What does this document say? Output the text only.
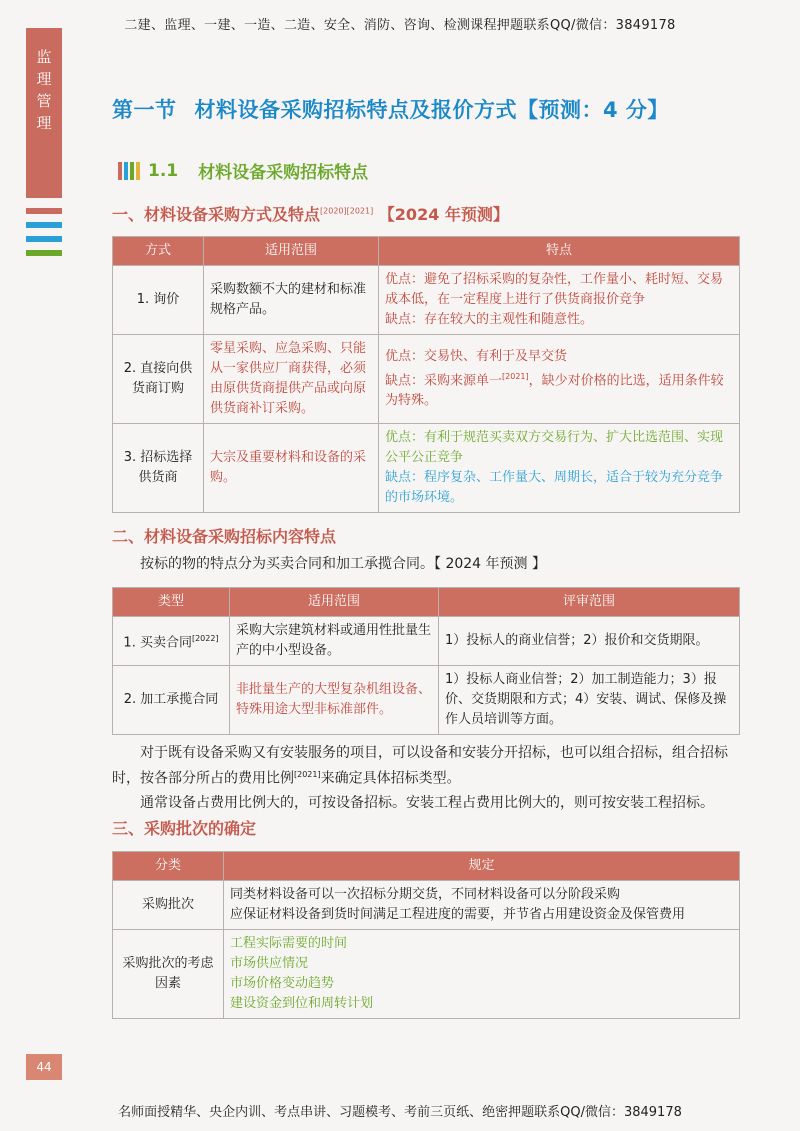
二建、监理、一建、一造、二造、安全、消防、咨询、检测课程押题联系QQ/微信：3849178
监
理
管
理
第一节 材料设备采购招标特点及报价方式【预测：4 分】
1.1 材料设备采购招标特点
一、材料设备采购方式及特点[2020][2021] 【2024 年预测】
方式	适用范围	特点
1. 询价	采购数额不大的建材和标准规格产品。	优点：避免了招标采购的复杂性，工作量小、耗时短、交易成本低，在一定程度上进行了供货商报价竞争
缺点：存在较大的主观性和随意性。

2. 直接向供货商订购	零星采购、应急采购、只能从一家供应厂商获得，必须由原供货商提供产品或向原供货商补订采购。	优点：交易快、有利于及早交货
缺点：采购来源单一[2021]，缺少对价格的比选，适用条件较为特殊。

3. 招标选择供货商	大宗及重要材料和设备的采购。	优点：有利于规范买卖双方交易行为、扩大比选范围、实现公平公正竞争
缺点：程序复杂、工作量大、周期长，适合于较为充分竞争的市场环境。
二、材料设备采购招标内容特点
按标的物的特点分为买卖合同和加工承揽合同。【 2024 年预测 】
类型	适用范围	评审范围
1. 买卖合同[2022]	采购大宗建筑材料或通用性批量生产的中小型设备。	1）投标人的商业信誉；2）报价和交货期限。
2. 加工承揽合同	非批量生产的大型复杂机组设备、特殊用途大型非标准部件。	1）投标人商业信誉；2）加工制造能力；3）报价、交货期限和方式；4）安装、调试、保修及操作人员培训等方面。
对于既有设备采购又有安装服务的项目，可以设备和安装分开招标，也可以组合招标，组合招标时，按各部分所占的费用比例[2021]来确定具体招标类型。
通常设备占费用比例大的，可按设备招标。安装工程占费用比例大的，则可按安装工程招标。
三、采购批次的确定
分类	规定
采购批次	同类材料设备可以一次招标分期交货，不同材料设备可以分阶段采购
应保证材料设备到货时间满足工程进度的需要，并节省占用建设资金及保管费用

采购批次的考虑因素	工程实际需要的时间
市场供应情况
市场价格变动趋势
建设资金到位和周转计划
44
名师面授精华、央企内训、考点串讲、习题模考、考前三页纸、绝密押题联系QQ/微信：3849178
